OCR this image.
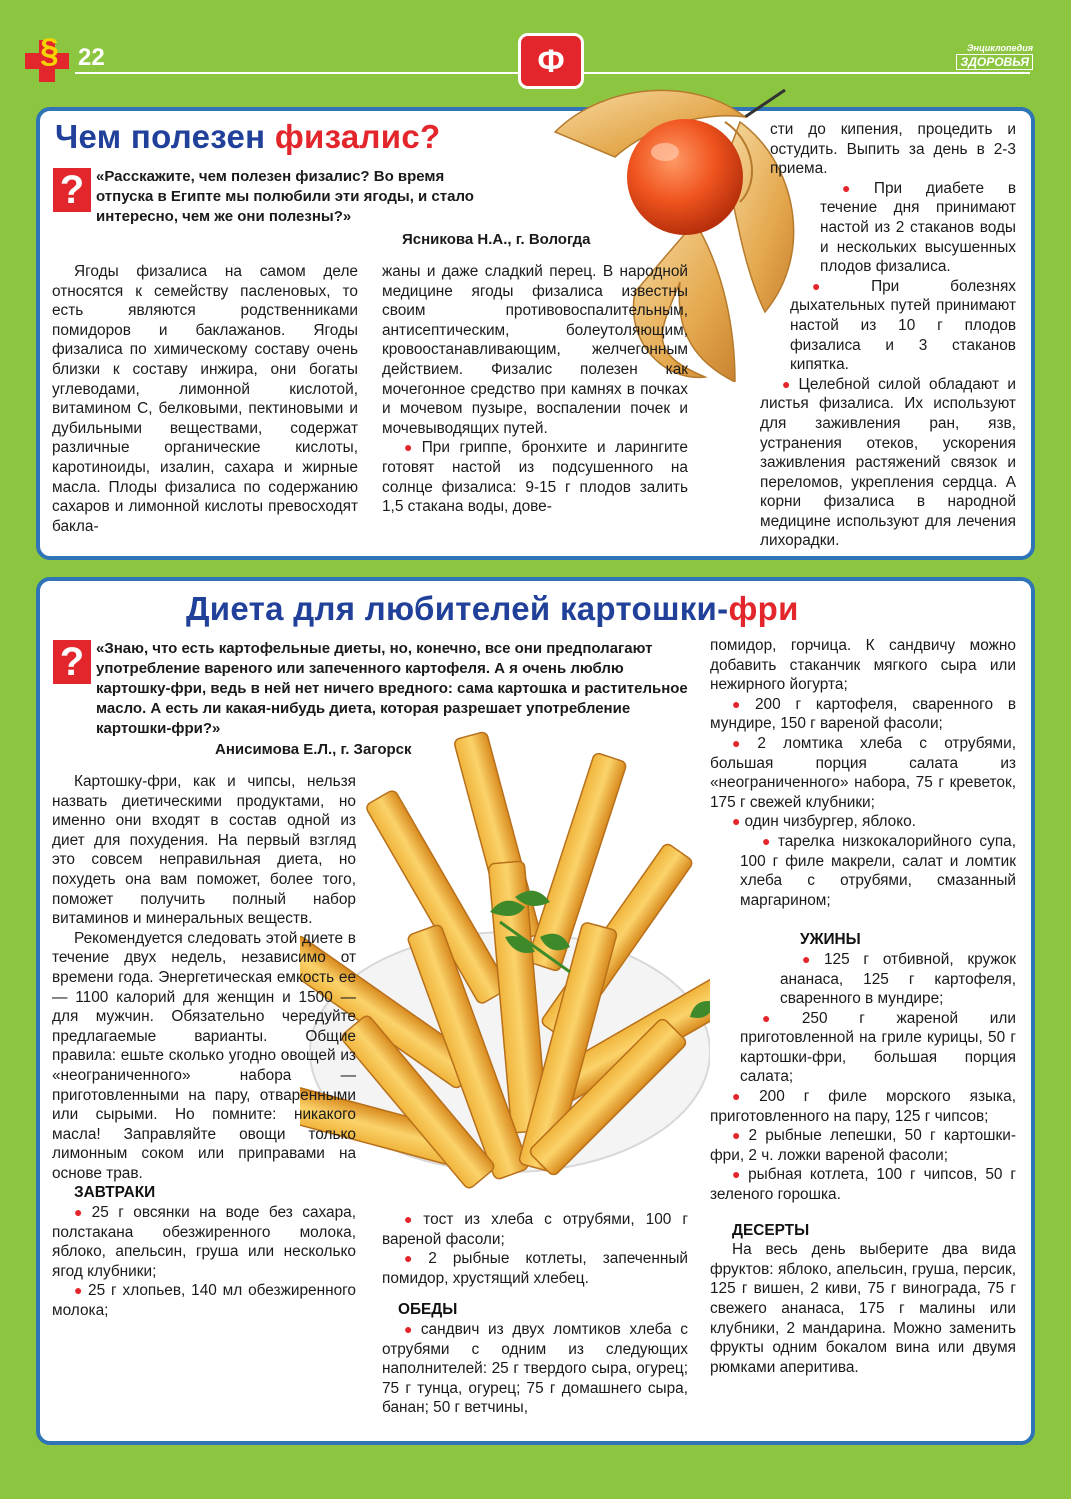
§ 22	Ф	Энциклопедия
ЗДОРОВЬЯ
Чем полезен физалис?
? «Расскажите, чем полезен физалис? Во время отпуска в Египте мы полюбили эти ягоды, и стало интересно, чем же они полезны?»
Ясникова Н.А., г. Вологда

Ягоды физалиса на самом деле относятся к семейству пасленовых, то есть являются родственниками помидоров и баклажанов. Ягоды физалиса по химическому составу очень близки к составу инжира, они богаты углеводами, лимонной кислотой, витамином С, белковыми, пектиновыми и дубильными веществами, содержат различные органические кислоты, каротиноиды, изалин, сахара и жирные масла. Плоды физалиса по содержанию сахаров и лимонной кислоты превосходят бакла-

жаны и даже сладкий перец. В народной медицине ягоды физалиса известны своим противовоспалительным, антисептическим, болеутоляющим, кровоостанавливающим, желчегонным действием. Физалис полезен как мочегонное средство при камнях в почках и мочевом пузыре, воспалении почек и мочевыводящих путей.

● При гриппе, бронхите и ларингите готовят настой из подсушенного на солнце физалиса: 9-15 г плодов залить 1,5 стакана воды, дове-

сти до кипения, процедить и остудить. Выпить за день в 2-3 приема.

● При диабете в течение дня принимают настой из 2 стаканов воды и нескольких высушенных плодов физалиса.

● При болезнях дыхательных путей принимают настой из 10 г плодов физалиса и 3 стаканов кипятка.

● Целебной силой обладают и листья физалиса. Их используют для заживления ран, язв, устранения отеков, ускорения заживления растяжений связок и переломов, укрепления сердца. А корни физалиса в народной медицине используют для лечения лихорадки.

Диета для любителей картошки-фри
? «Знаю, что есть картофельные диеты, но, конечно, все они предполагают употребление вареного или запеченного картофеля. А я очень люблю картошку-фри, ведь в ней нет ничего вредного: сама картошка и растительное масло. А есть ли какая-нибудь диета, которая разрешает употребление картошки-фри?»
Анисимова Е.Л., г. Загорск

Картошку-фри, как и чипсы, нельзя назвать диетическими продуктами, но именно они входят в состав одной из диет для похудения. На первый взгляд это совсем неправильная диета, но похудеть она вам поможет, более того, поможет получить полный набор витаминов и минеральных веществ.

Рекомендуется следовать этой диете в течение двух недель, независимо от времени года. Энергетическая емкость ее — 1100 калорий для женщин и 1500 — для мужчин. Обязательно чередуйте предлагаемые варианты. Общие правила: ешьте сколько угодно овощей из «неограниченного» набора — приготовленными на пару, отваренными или сырыми. Но помните: никакого масла! Заправляйте овощи только лимонным соком или приправами на основе трав.

ЗАВТРАКИ

● 25 г овсянки на воде без сахара, полстакана обезжиренного молока, яблоко, апельсин, груша или несколько ягод клубники;

● 25 г хлопьев, 140 мл обезжиренного молока;

● тост из хлеба с отрубями, 100 г вареной фасоли;

● 2 рыбные котлеты, запеченный помидор, хрустящий хлебец.

ОБЕДЫ

● сандвич из двух ломтиков хлеба с отрубями с одним из следующих наполнителей: 25 г твердого сыра, огурец; 75 г тунца, огурец; 75 г домашнего сыра, банан; 50 г ветчины,

помидор, горчица. К сандвичу можно добавить стаканчик мягкого сыра или нежирного йогурта;

● 200 г картофеля, сваренного в мундире, 150 г вареной фасоли;

● 2 ломтика хлеба с отрубями, большая порция салата из «неограниченного» набора, 75 г креветок, 175 г свежей клубники;

● один чизбургер, яблоко.

● тарелка низкокалорийного супа, 100 г филе макрели, салат и ломтик хлеба с отрубями, смазанный маргарином;

УЖИНЫ

● 125 г отбивной, кружок ананаса, 125 г картофеля, сваренного в мундире;

● 250 г жареной или приготовленной на гриле курицы, 50 г картошки-фри, большая порция салата;

● 200 г филе морского языка, приготовленного на пару, 125 г чипсов;

● 2 рыбные лепешки, 50 г картошки-фри, 2 ч. ложки вареной фасоли;

● рыбная котлета, 100 г чипсов, 50 г зеленого горошка.

ДЕСЕРТЫ

На весь день выберите два вида фруктов: яблоко, апельсин, груша, персик, 125 г вишен, 2 киви, 75 г винограда, 75 г свежего ананаса, 175 г малины или клубники, 2 мандарина. Можно заменить фрукты одним бокалом вина или двумя рюмками аперитива.
